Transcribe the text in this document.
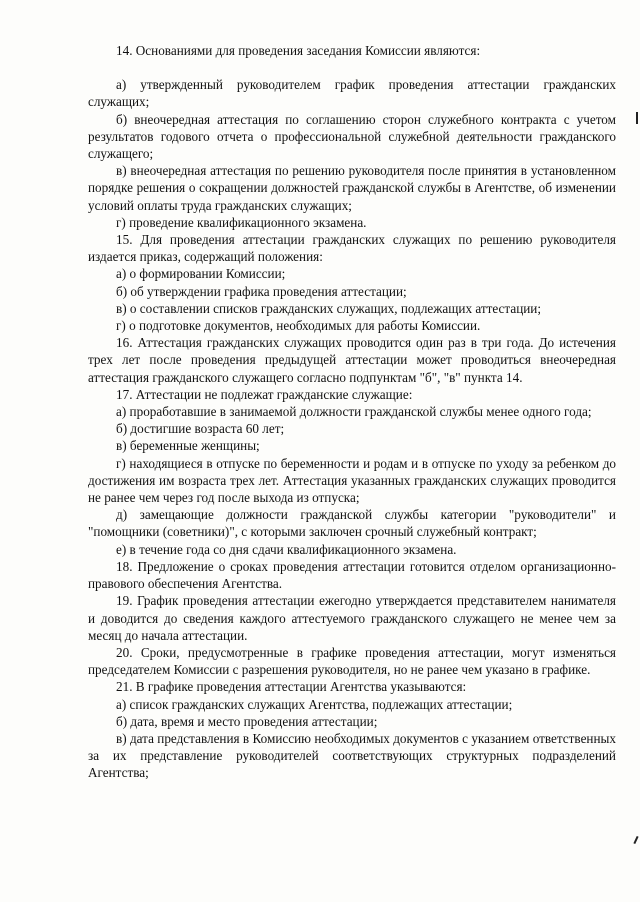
14. Основаниями для проведения заседания Комиссии являются:

а) утвержденный руководителем график проведения аттестации гражданских служащих;

б) внеочередная аттестация по соглашению сторон служебного контракта с учетом результатов годового отчета о профессиональной служебной деятельности гражданского служащего;

в) внеочередная аттестация по решению руководителя после принятия в установленном порядке решения о сокращении должностей гражданской службы в Агентстве, об изменении условий оплаты труда гражданских служащих;

г) проведение квалификационного экзамена.

15. Для проведения аттестации гражданских служащих по решению руководителя издается приказ, содержащий положения:

а) о формировании Комиссии;

б) об утверждении графика проведения аттестации;

в) о составлении списков гражданских служащих, подлежащих аттестации;

г) о подготовке документов, необходимых для работы Комиссии.

16. Аттестация гражданских служащих проводится один раз в три года. До истечения трех лет после проведения предыдущей аттестации может проводиться внеочередная аттестация гражданского служащего согласно подпунктам "б", "в" пункта 14.

17. Аттестации не подлежат гражданские служащие:

а) проработавшие в занимаемой должности гражданской службы менее одного года;

б) достигшие возраста 60 лет;

в) беременные женщины;

г) находящиеся в отпуске по беременности и родам и в отпуске по уходу за ребенком до достижения им возраста трех лет. Аттестация указанных гражданских служащих проводится не ранее чем через год после выхода из отпуска;

д) замещающие должности гражданской службы категории "руководители" и "помощники (советники)", с которыми заключен срочный служебный контракт;

е) в течение года со дня сдачи квалификационного экзамена.

18. Предложение о сроках проведения аттестации готовится отделом организационно-правового обеспечения Агентства.

19. График проведения аттестации ежегодно утверждается представителем нанимателя и доводится до сведения каждого аттестуемого гражданского служащего не менее чем за месяц до начала аттестации.

20. Сроки, предусмотренные в графике проведения аттестации, могут изменяться председателем Комиссии с разрешения руководителя, но не ранее чем указано в графике.

21. В графике проведения аттестации Агентства указываются:

а) список гражданских служащих Агентства, подлежащих аттестации;

б) дата, время и место проведения аттестации;

в) дата представления в Комиссию необходимых документов с указанием ответственных за их представление руководителей соответствующих структурных подразделений Агентства;
